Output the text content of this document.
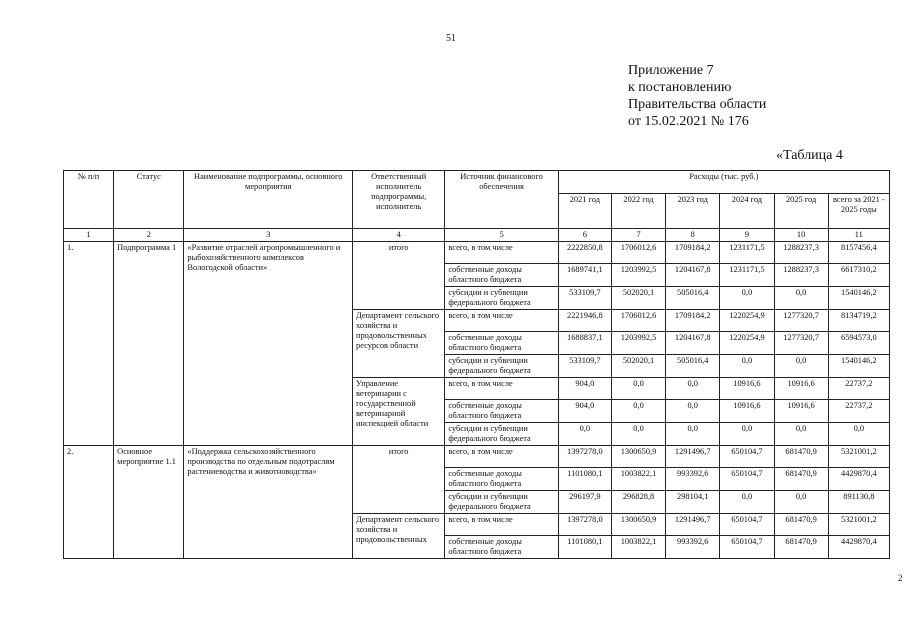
51
Приложение 7
к постановлению
Правительства области
от 15.02.2021 № 176
«Таблица 4
№ п/п	Статус	Наименование подпрограммы, основного мероприятия	Ответственный исполнитель подпрограммы, исполнитель	Источник финансового обеспечения	Расходы (тыс. руб.)					
					2021 год	2022 год	2023 год	2024 год	2025 год	всего за 2021 - 2025 годы
1	2	3	4	5	6	7	8	9	10	11
1.	Подпрограмма 1	«Развитие отраслей агропромышленного и рыбохозяйственного комплексов Вологодской области»	итого	всего, в том числе	2222850,8	1706012,6	1709184,2	1231171,5	1288237,3	8157456,4
				собственные доходы областного бюджета	1689741,1	1203992,5	1204167,8	1231171,5	1288237,3	6617310,2
				субсидии и субвенции федерального бюджета	533109,7	502020,1	505016,4	0,0	0,0	1540146,2
			Департамент сельского хозяйства и продовольственных ресурсов области	всего, в том числе	2221946,8	1706012,6	1709184,2	1220254,9	1277320,7	8134719,2
				собственные доходы областного бюджета	1688837,1	1203992,5	1204167,8	1220254,9	1277320,7	6594573,0
				субсидии и субвенции федерального бюджета	533109,7	502020,1	505016,4	0,0	0,0	1540146,2
			Управление ветеринарии с государственной ветеринарной инспекцией области	всего, в том числе	904,0	0,0	0,0	10916,6	10916,6	22737,2
				собственные доходы областного бюджета	904,0	0,0	0,0	10916,6	10916,6	22737,2
				субсидии и субвенции федерального бюджета	0,0	0,0	0,0	0,0	0,0	0,0
2.	Основное мероприятие 1.1	«Поддержка сельскохозяйственного производства по отдельным подотраслям растениеводства и животноводства»	итого	всего, в том числе	1397278,0	1300650,9	1291496,7	650104,7	681470,9	5321001,2
				собственные доходы областного бюджета	1101080,1	1003822,1	993392,6	650104,7	681470,9	4429870,4
				субсидии и субвенции федерального бюджета	296197,9	296828,8	298104,1	0,0	0,0	891130,8
			Департамент сельского хозяйства и продовольственных	всего, в том числе	1397278,0	1300650,9	1291496,7	650104,7	681470,9	5321001,2
				собственные доходы областного бюджета	1101080,1	1003822,1	993392,6	650104,7	681470,9	4429870,4
2
